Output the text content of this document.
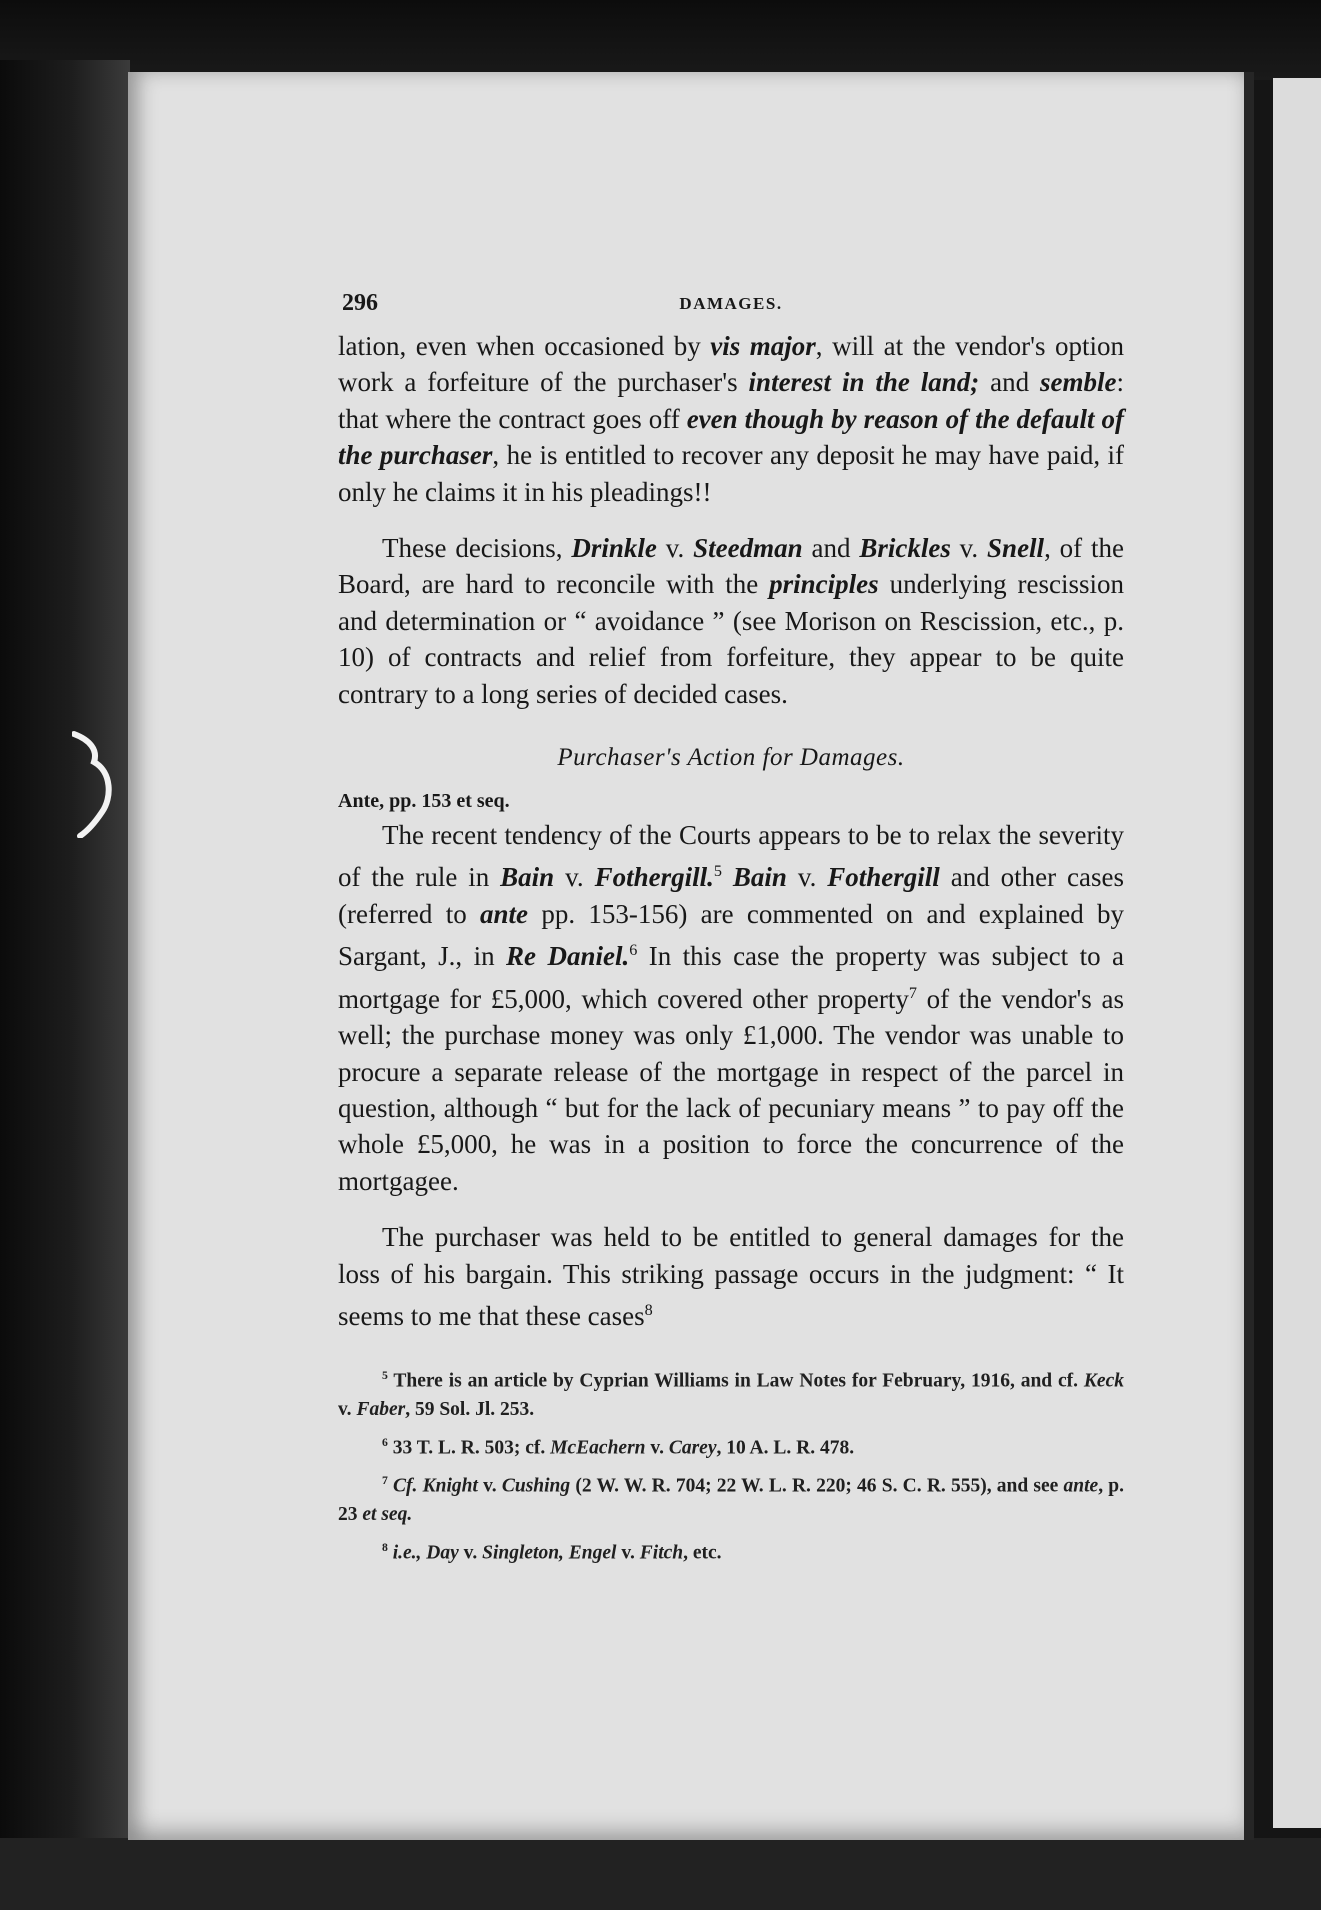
296	DAMAGES.

lation, even when occasioned by vis major, will at the vendor's option work a forfeiture of the purchaser's interest in the land; and semble: that where the contract goes off even though by reason of the default of the purchaser, he is entitled to recover any deposit he may have paid, if only he claims it in his pleadings!!

These decisions, Drinkle v. Steedman and Brickles v. Snell, of the Board, are hard to reconcile with the principles underlying rescission and determination or “ avoidance ” (see Morison on Rescission, etc., p. 10) of contracts and relief from forfeiture, they appear to be quite contrary to a long series of decided cases.

Purchaser's Action for Damages.
Ante, pp. 153 et seq.

The recent tendency of the Courts appears to be to relax the severity of the rule in Bain v. Fothergill.$^5$ Bain v. Fothergill and other cases (referred to ante pp. 153-156) are commented on and explained by Sargant, J., in Re Daniel.$^6$ In this case the property was subject to a mortgage for £5,000, which covered other property$^7$ of the vendor's as well; the purchase money was only £1,000. The vendor was unable to procure a separate release of the mortgage in respect of the parcel in question, although “ but for the lack of pecuniary means ” to pay off the whole £5,000, he was in a position to force the concurrence of the mortgagee.

The purchaser was held to be entitled to general damages for the loss of his bargain. This striking passage occurs in the judgment: “ It seems to me that these cases$^8$

$^5$ There is an article by Cyprian Williams in Law Notes for February, 1916, and cf. Keck v. Faber, 59 Sol. Jl. 253.
$^6$ 33 T. L. R. 503; cf. McEachern v. Carey, 10 A. L. R. 478.
$^7$ Cf. Knight v. Cushing (2 W. W. R. 704; 22 W. L. R. 220; 46 S. C. R. 555), and see ante, p. 23 et seq.
$^8$ i.e., Day v. Singleton, Engel v. Fitch, etc.
